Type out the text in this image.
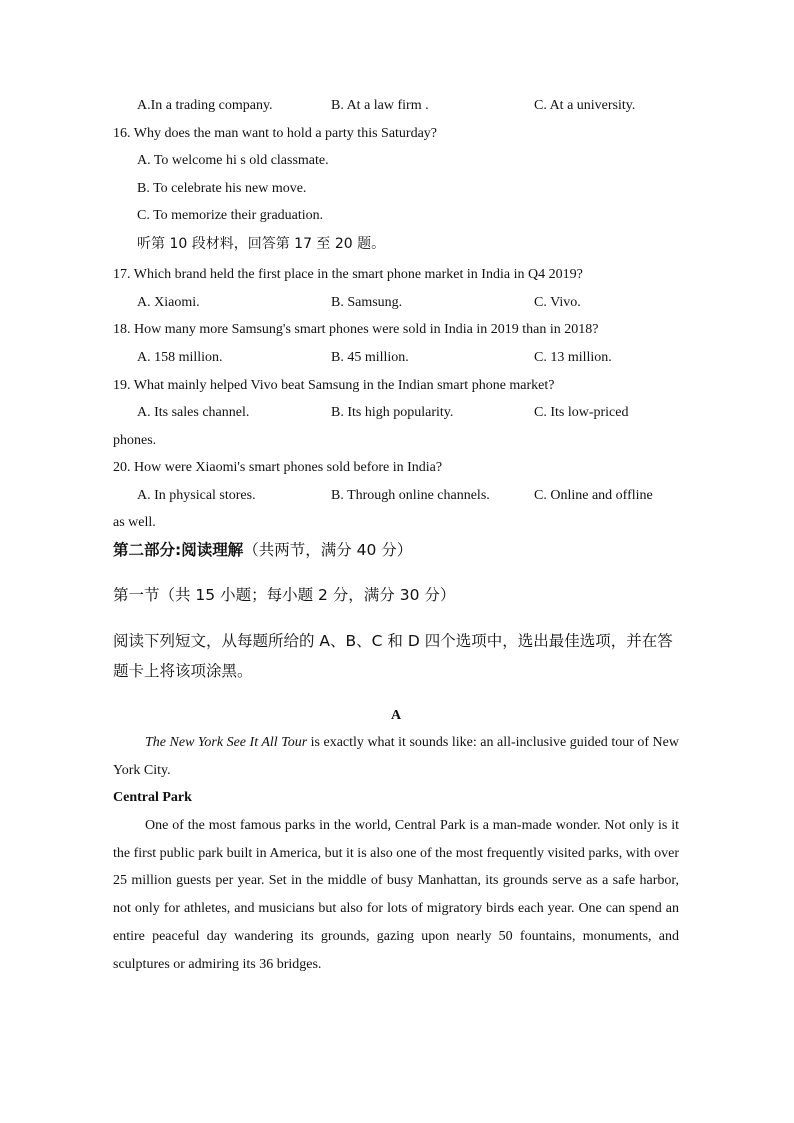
A.In a trading company.	B. At a law firm .	C. At a university.
16. Why does the man want to hold a party this Saturday?
A. To welcome hi s old classmate.
B. To celebrate his new move.
C. To memorize their graduation.
听第 10 段材料，回答第 17 至 20 题。
17. Which brand held the first place in the smart phone market in India in Q4 2019?
A. Xiaomi.	B. Samsung.	C. Vivo.
18. How many more Samsung's smart phones were sold in India in 2019 than in 2018?
A. 158 million.	B. 45 million.	C. 13 million.
19. What mainly helped Vivo beat Samsung in the Indian smart phone market?
A. Its sales channel.	B. Its high popularity.	C. Its low-priced
phones.
20. How were Xiaomi's smart phones sold before in India?
A. In physical stores.	B. Through online channels.	C. Online and offline
as well.
第二部分:阅读理解（共两节，满分 40 分）
第一节（共 15 小题；每小题 2 分，满分 30 分）
阅读下列短文，从每题所给的 A、B、C 和 D 四个选项中，选出最佳选项，并在答题卡上将该项涂黑。
A
The New York See It All Tour is exactly what it sounds like: an all-inclusive guided tour of New York City.
Central Park
One of the most famous parks in the world, Central Park is a man-made wonder. Not only is it the first public park built in America, but it is also one of the most frequently visited parks, with over 25 million guests per year. Set in the middle of busy Manhattan, its grounds serve as a safe harbor, not only for athletes, and musicians but also for lots of migratory birds each year. One can spend an entire peaceful day wandering its grounds, gazing upon nearly 50 fountains, monuments, and sculptures or admiring its 36 bridges.
